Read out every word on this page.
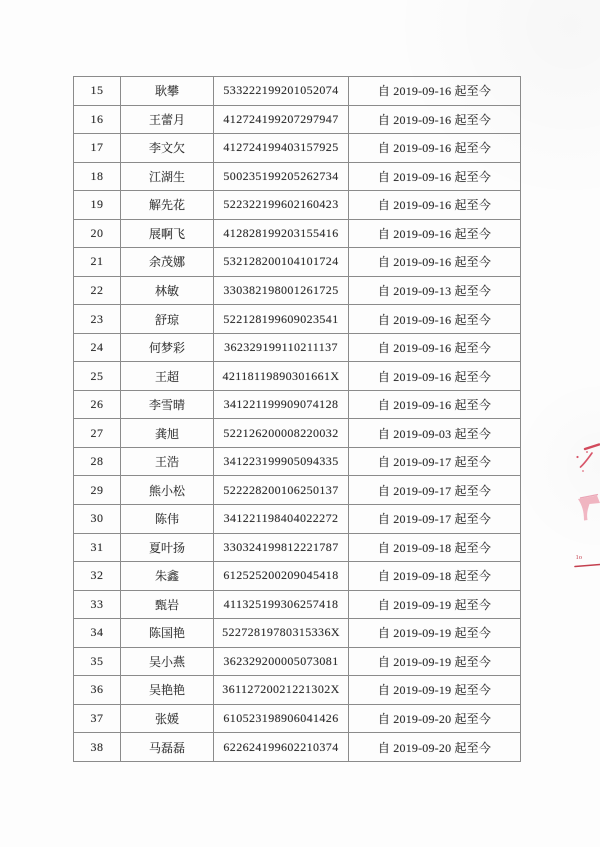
15	耿攀	533222199201052074	自 2019-09-16 起至今
16	王蕾月	412724199207297947	自 2019-09-16 起至今
17	李文欠	412724199403157925	自 2019-09-16 起至今
18	江湖生	500235199205262734	自 2019-09-16 起至今
19	解先花	522322199602160423	自 2019-09-16 起至今
20	展啊飞	412828199203155416	自 2019-09-16 起至今
21	余茂娜	532128200104101724	自 2019-09-16 起至今
22	林敏	330382198001261725	自 2019-09-13 起至今
23	舒琼	522128199609023541	自 2019-09-16 起至今
24	何梦彩	362329199110211137	自 2019-09-16 起至今
25	王超	42118119890301661X	自 2019-09-16 起至今
26	李雪晴	341221199909074128	自 2019-09-16 起至今
27	龚旭	522126200008220032	自 2019-09-03 起至今
28	王浩	341223199905094335	自 2019-09-17 起至今
29	熊小松	522228200106250137	自 2019-09-17 起至今
30	陈伟	341221198404022272	自 2019-09-17 起至今
31	夏叶扬	330324199812221787	自 2019-09-18 起至今
32	朱鑫	612525200209045418	自 2019-09-18 起至今
33	甄岩	411325199306257418	自 2019-09-19 起至今
34	陈国艳	52272819780315336X	自 2019-09-19 起至今
35	吴小燕	362329200005073081	自 2019-09-19 起至今
36	吴艳艳	36112720021221302X	自 2019-09-19 起至今
37	张媛	610523198906041426	自 2019-09-20 起至今
38	马磊磊	622624199602210374	自 2019-09-20 起至今
1o
